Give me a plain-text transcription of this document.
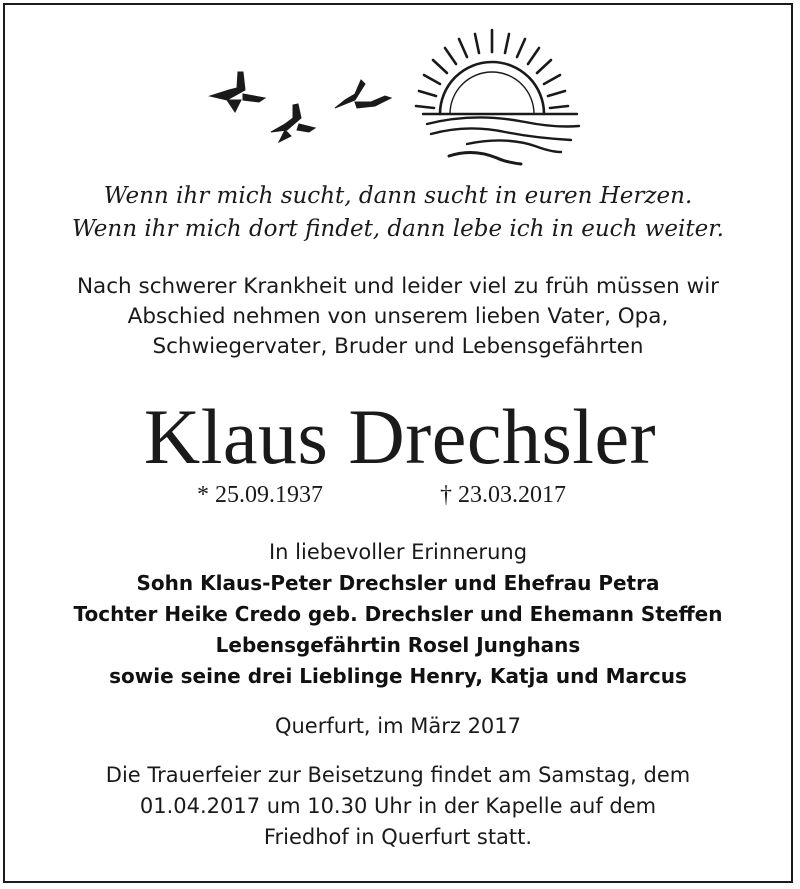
Wenn ihr mich sucht, dann sucht in euren Herzen.
Wenn ihr mich dort findet, dann lebe ich in euch weiter.
Nach schwerer Krankheit und leider viel zu früh müssen wir
Abschied nehmen von unserem lieben Vater, Opa,
Schwiegervater, Bruder und Lebensgefährten
Klaus Drechsler
* 25.09.1937	† 23.03.2017
In liebevoller Erinnerung
Sohn Klaus-Peter Drechsler und Ehefrau Petra
Tochter Heike Credo geb. Drechsler und Ehemann Steffen
Lebensgefährtin Rosel Junghans
sowie seine drei Lieblinge Henry, Katja und Marcus
Querfurt, im März 2017
Die Trauerfeier zur Beisetzung findet am Samstag, dem
01.04.2017 um 10.30 Uhr in der Kapelle auf dem
Friedhof in Querfurt statt.
